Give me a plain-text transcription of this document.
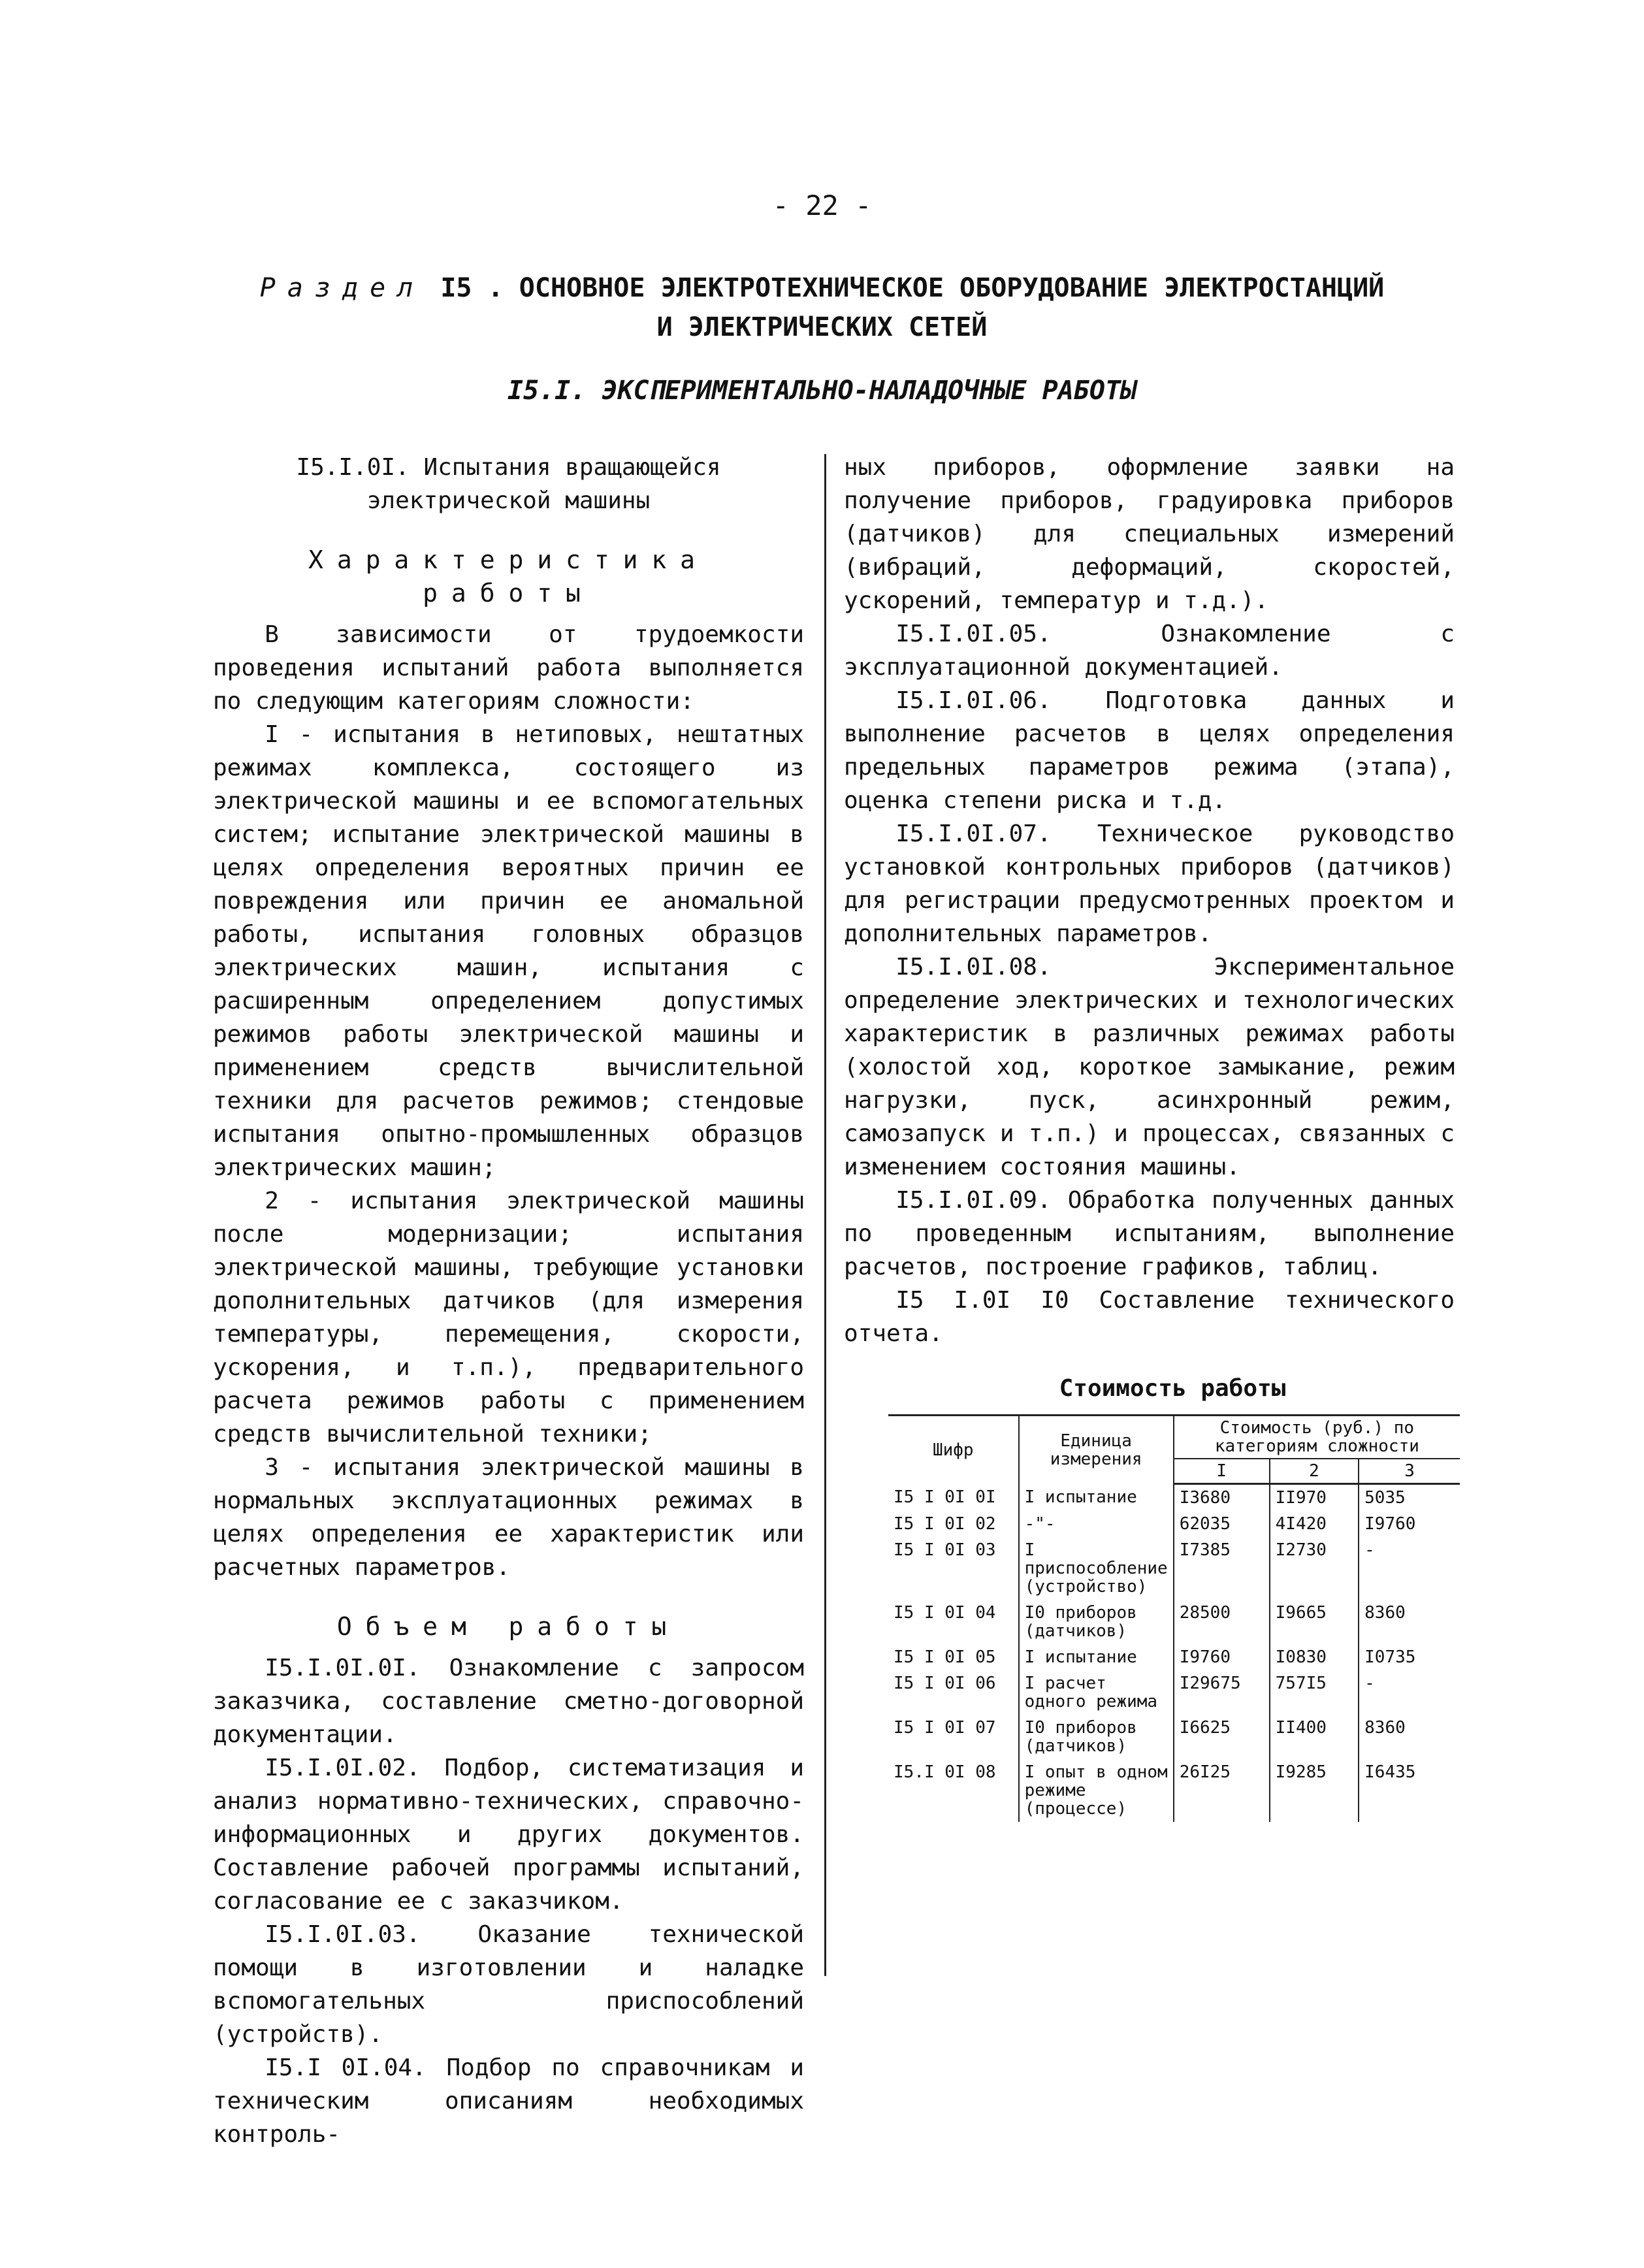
- 22 -
Раздел I5 . ОСНОВНОЕ ЭЛЕКТРОТЕХНИЧЕСКОЕ ОБОРУДОВАНИЕ ЭЛЕКТРОСТАНЦИЙ
И ЭЛЕКТРИЧЕСКИХ СЕТЕЙ
I5.I. ЭКСПЕРИМЕНТАЛЬНО-НАЛАДОЧНЫЕ РАБОТЫ

I5.I.0I. Испытания вращающейся

электрической машины

Характеристика работы

В зависимости от трудоемкости проведения испытаний работа выполняется по следующим категориям сложности:

I - испытания в нетиповых, нештатных режимах комплекса, состоящего из электрической машины и ее вспомогательных систем; испытание электрической машины в целях определения вероятных причин ее повреждения или причин ее аномальной работы, испытания головных образцов электрических машин, испытания с расширенным определением допустимых режимов работы электрической машины и применением средств вычислительной техники для расчетов режимов; стендовые испытания опытно-промышленных образцов электрических машин;

2 - испытания электрической машины после модернизации; испытания электрической машины, требующие установки дополнительных датчиков (для измерения температуры, перемещения, скорости, ускорения, и т.п.), предварительного расчета режимов работы с применением средств вычислительной техники;

3 - испытания электрической машины в нормальных эксплуатационных режимах в целях определения ее характеристик или расчетных параметров.

Объем работы

I5.I.0I.0I. Ознакомление с запросом заказчика, составление сметно-договорной документации.

I5.I.0I.02. Подбор, систематизация и анализ нормативно-технических, справочно-информационных и других документов. Составление рабочей программы испытаний, согласование ее с заказчиком.

I5.I.0I.03. Оказание технической помощи в изготовлении и наладке вспомогательных приспособлений (устройств).

I5.I 0I.04. Подбор по справочникам и техническим описаниям необходимых контроль-

ных приборов, оформление заявки на получение приборов, градуировка приборов (датчиков) для специальных измерений (вибраций, деформаций, скоростей, ускорений, температур и т.д.).

I5.I.0I.05. Ознакомление с эксплуатационной документацией.

I5.I.0I.06. Подготовка данных и выполнение расчетов в целях определения предельных параметров режима (этапа), оценка степени риска и т.д.

I5.I.0I.07. Техническое руководство установкой контрольных приборов (датчиков) для регистрации предусмотренных проектом и дополнительных параметров.

I5.I.0I.08. Экспериментальное определение электрических и технологических характеристик в различных режимах работы (холостой ход, короткое замыкание, режим нагрузки, пуск, асинхронный режим, самозапуск и т.п.) и процессах, связанных с изменением состояния машины.

I5.I.0I.09. Обработка полученных данных по проведенным испытаниям, выполнение расчетов, построение графиков, таблиц.

I5 I.0I I0 Составление технического отчета.

Стоимость работы
Шифр	Единица измерения	Стоимость (руб.) по категориям сложности		
		I	2	3
I5 I 0I 0I	I испытание	I3680	II970	5035
I5 I 0I 02	-"-	62035	4I420	I9760
I5 I 0I 03	I приспособление (устройство)	I7385	I2730	-
I5 I 0I 04	I0 приборов (датчиков)	28500	I9665	8360
I5 I 0I 05	I испытание	I9760	I0830	I0735
I5 I 0I 06	I расчет одного режима	I29675	757I5	-
I5 I 0I 07	I0 приборов (датчиков)	I6625	II400	8360
I5.I 0I 08	I опыт в одном режиме (процессе)	26I25	I9285	I6435
